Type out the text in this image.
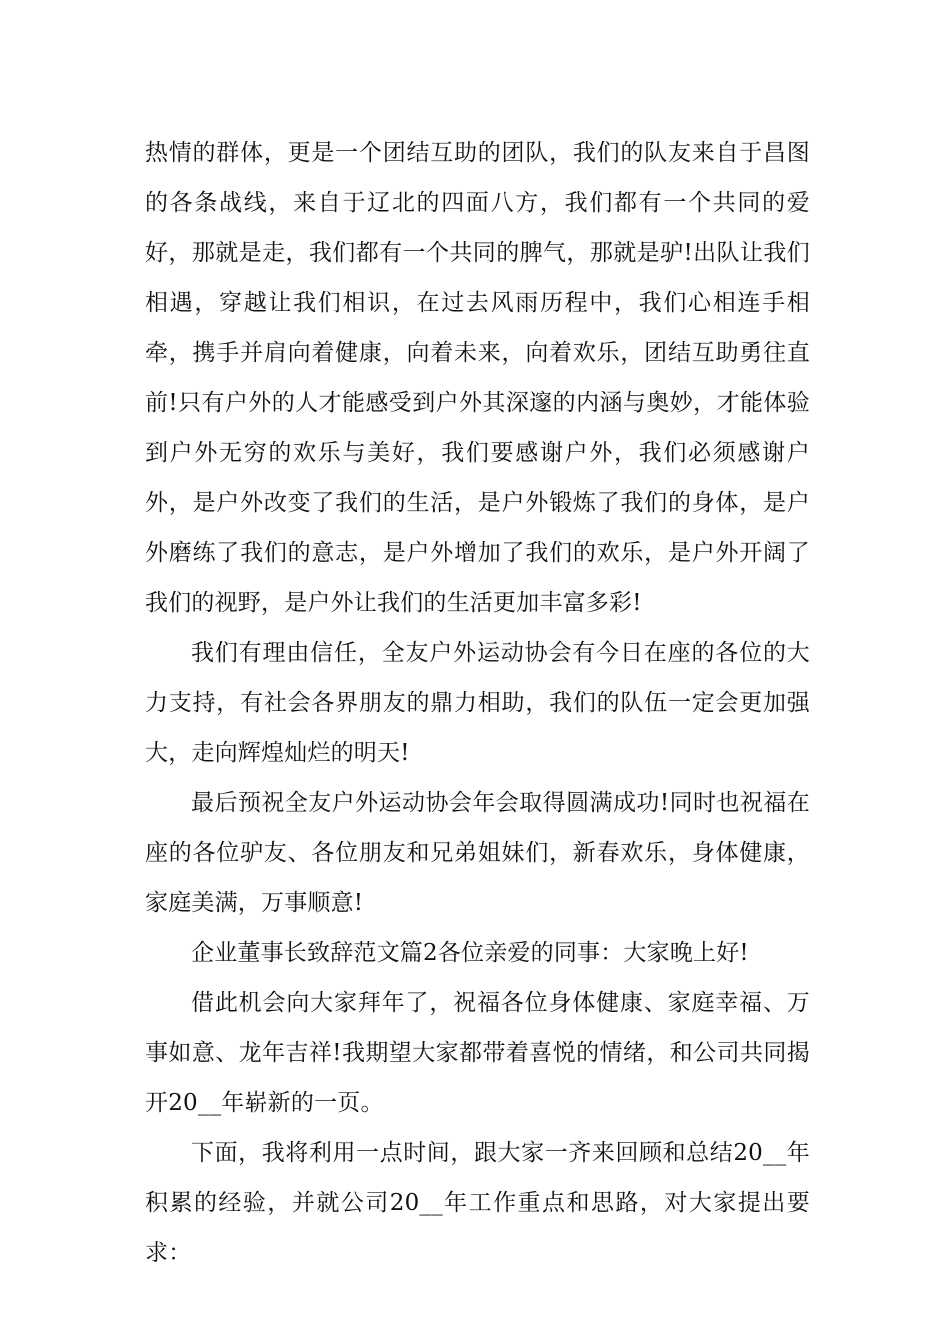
热情的群体，更是一个团结互助的团队，我们的队友来自于昌图的各条战线，来自于辽北的四面八方，我们都有一个共同的爱好，那就是走，我们都有一个共同的脾气，那就是驴!出队让我们相遇，穿越让我们相识，在过去风雨历程中，我们心相连手相牵，携手并肩向着健康，向着未来，向着欢乐，团结互助勇往直前!只有户外的人才能感受到户外其深邃的内涵与奥妙，才能体验到户外无穷的欢乐与美好，我们要感谢户外，我们必须感谢户外，是户外改变了我们的生活，是户外锻炼了我们的身体，是户外磨练了我们的意志，是户外增加了我们的欢乐，是户外开阔了我们的视野，是户外让我们的生活更加丰富多彩!

我们有理由信任，全友户外运动协会有今日在座的各位的大力支持，有社会各界朋友的鼎力相助，我们的队伍一定会更加强大，走向辉煌灿烂的明天!

最后预祝全友户外运动协会年会取得圆满成功!同时也祝福在座的各位驴友、各位朋友和兄弟姐妹们，新春欢乐，身体健康，家庭美满，万事顺意!

企业董事长致辞范文篇2各位亲爱的同事：大家晚上好!

借此机会向大家拜年了，祝福各位身体健康、家庭幸福、万事如意、龙年吉祥!我期望大家都带着喜悦的情绪，和公司共同揭开20__年崭新的一页。

下面，我将利用一点时间，跟大家一齐来回顾和总结20__年积累的经验，并就公司20__年工作重点和思路，对大家提出要求：
